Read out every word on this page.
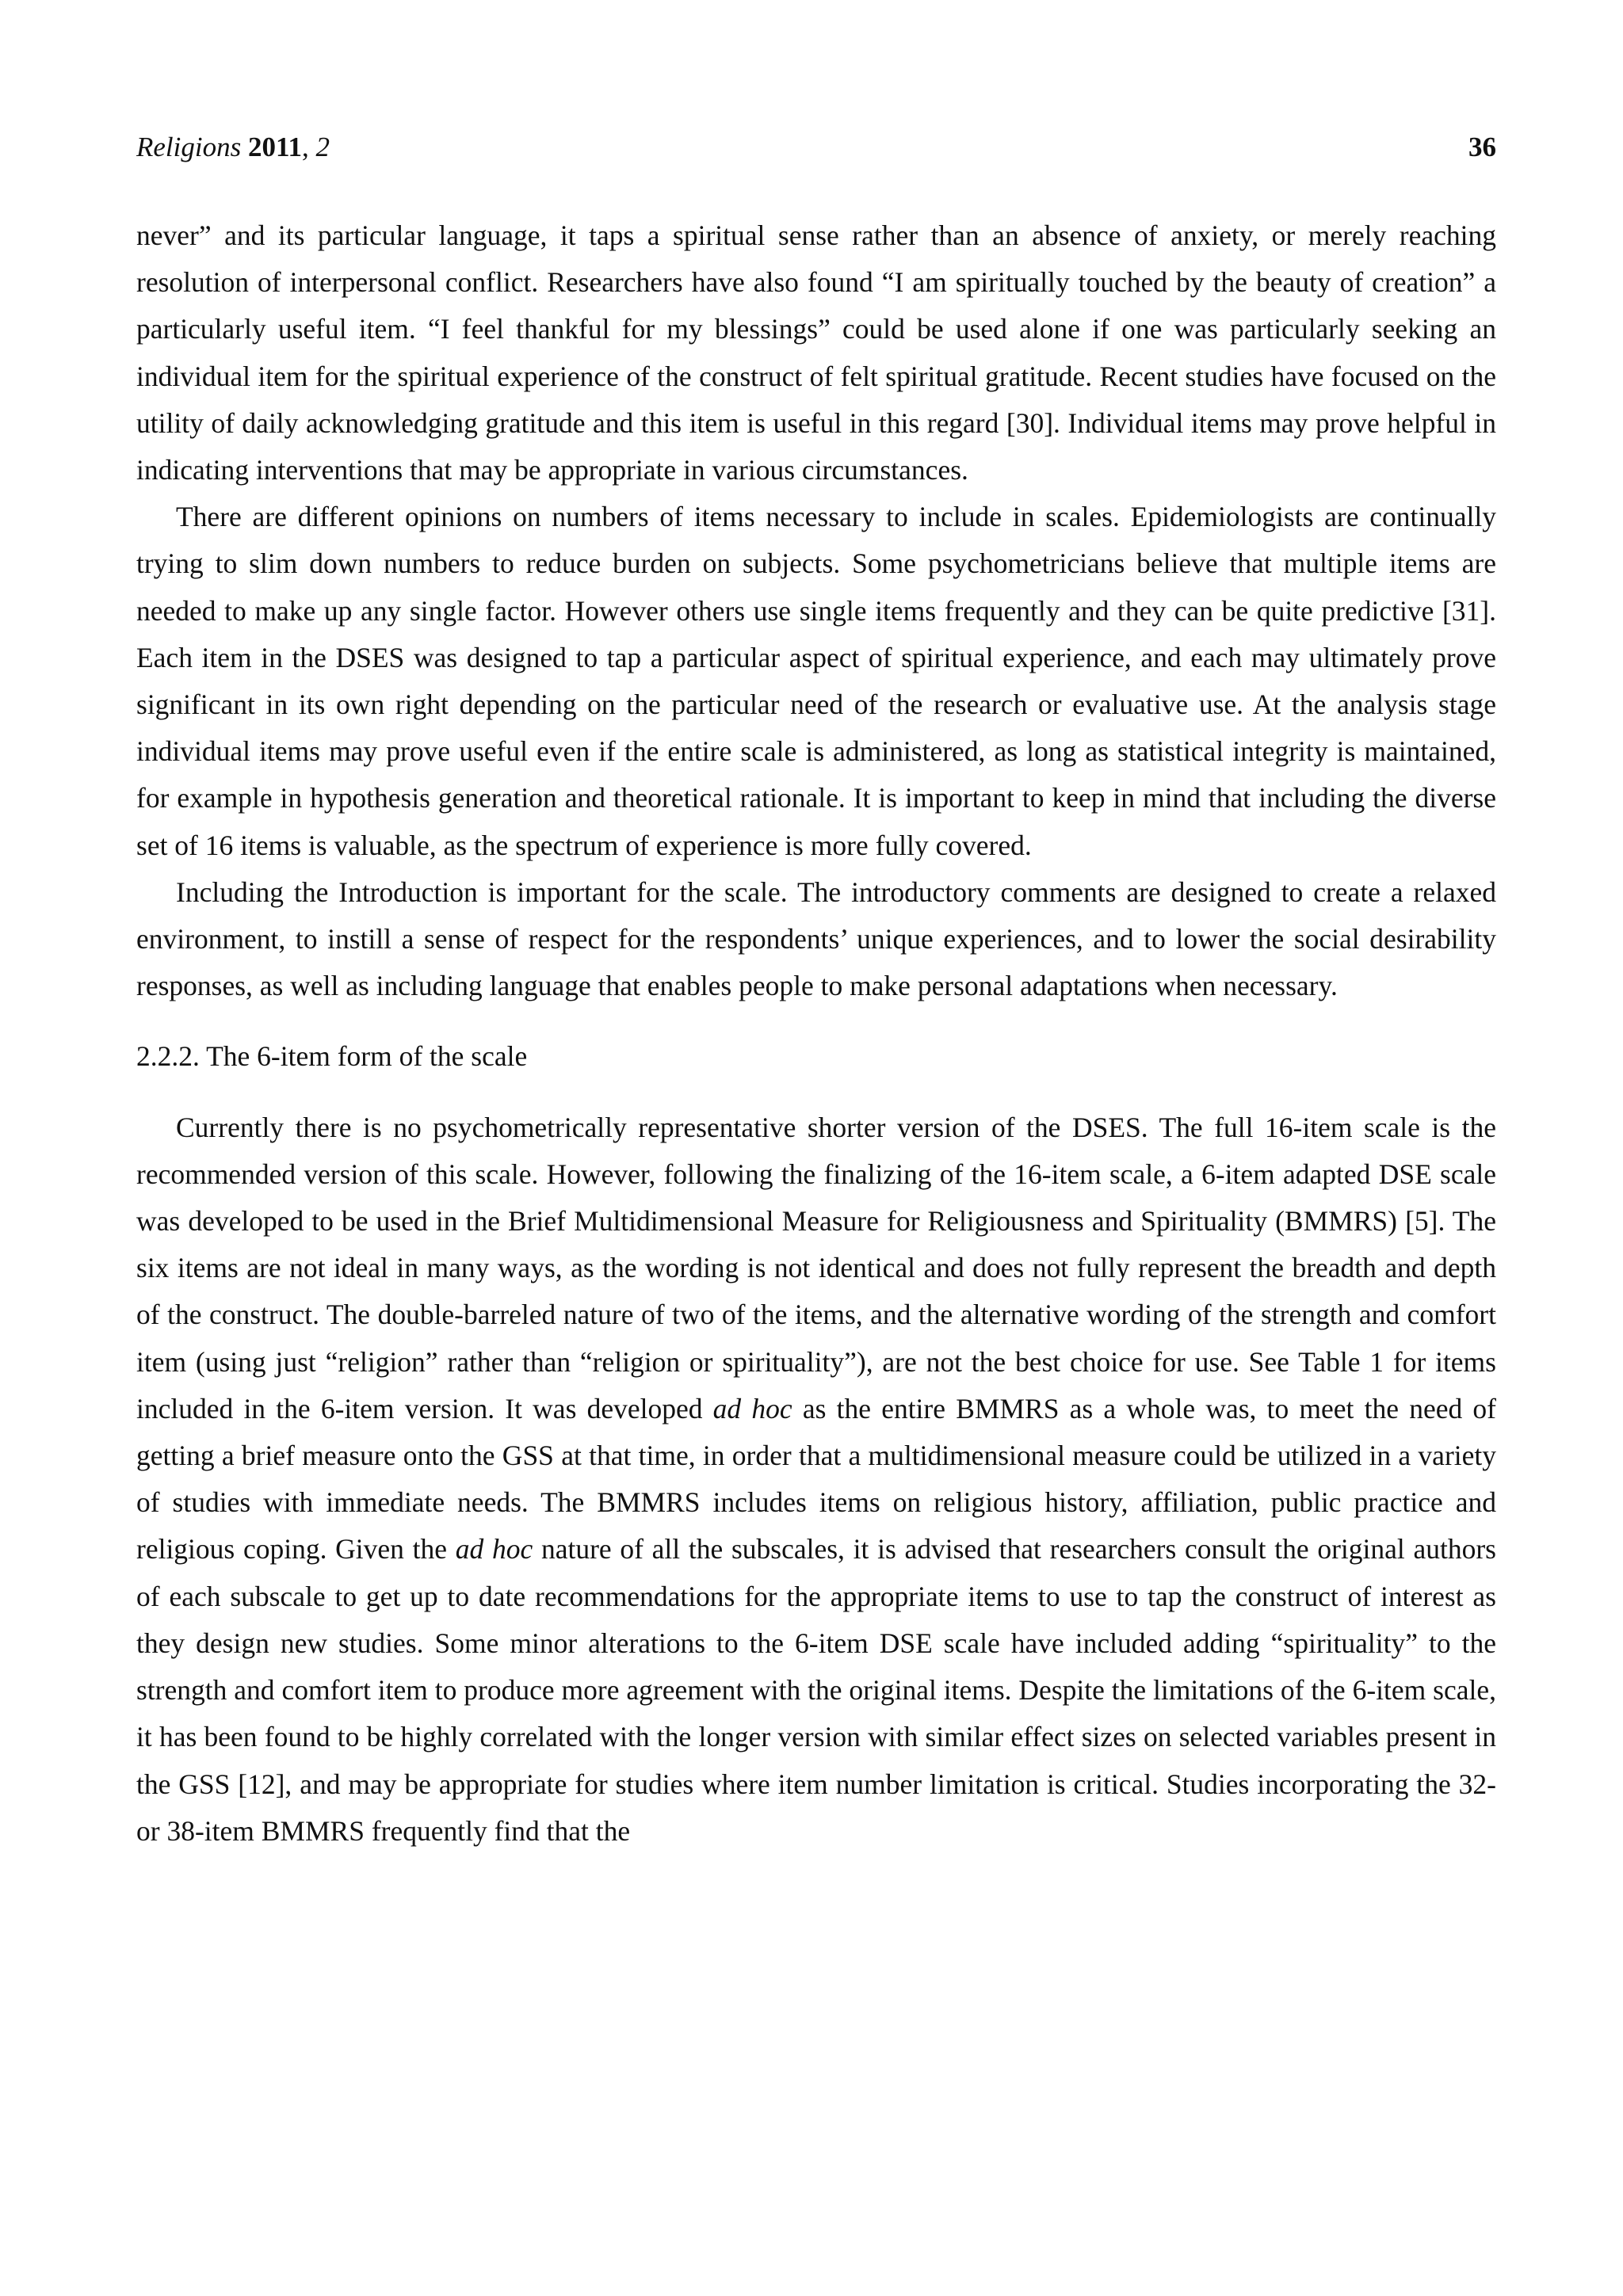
Religions 2011, 2	36

never” and its particular language, it taps a spiritual sense rather than an absence of anxiety, or merely reaching resolution of interpersonal conflict. Researchers have also found “I am spiritually touched by the beauty of creation” a particularly useful item. “I feel thankful for my blessings” could be used alone if one was particularly seeking an individual item for the spiritual experience of the construct of felt spiritual gratitude. Recent studies have focused on the utility of daily acknowledging gratitude and this item is useful in this regard [30]. Individual items may prove helpful in indicating interventions that may be appropriate in various circumstances.

There are different opinions on numbers of items necessary to include in scales. Epidemiologists are continually trying to slim down numbers to reduce burden on subjects. Some psychometricians believe that multiple items are needed to make up any single factor. However others use single items frequently and they can be quite predictive [31]. Each item in the DSES was designed to tap a particular aspect of spiritual experience, and each may ultimately prove significant in its own right depending on the particular need of the research or evaluative use. At the analysis stage individual items may prove useful even if the entire scale is administered, as long as statistical integrity is maintained, for example in hypothesis generation and theoretical rationale. It is important to keep in mind that including the diverse set of 16 items is valuable, as the spectrum of experience is more fully covered.

Including the Introduction is important for the scale. The introductory comments are designed to create a relaxed environment, to instill a sense of respect for the respondents’ unique experiences, and to lower the social desirability responses, as well as including language that enables people to make personal adaptations when necessary.

2.2.2. The 6-item form of the scale

Currently there is no psychometrically representative shorter version of the DSES. The full 16-item scale is the recommended version of this scale. However, following the finalizing of the 16-item scale, a 6-item adapted DSE scale was developed to be used in the Brief Multidimensional Measure for Religiousness and Spirituality (BMMRS) [5]. The six items are not ideal in many ways, as the wording is not identical and does not fully represent the breadth and depth of the construct. The double-barreled nature of two of the items, and the alternative wording of the strength and comfort item (using just “religion” rather than “religion or spirituality”), are not the best choice for use. See Table 1 for items included in the 6-item version. It was developed ad hoc as the entire BMMRS as a whole was, to meet the need of getting a brief measure onto the GSS at that time, in order that a multidimensional measure could be utilized in a variety of studies with immediate needs. The BMMRS includes items on religious history, affiliation, public practice and religious coping. Given the ad hoc nature of all the subscales, it is advised that researchers consult the original authors of each subscale to get up to date recommendations for the appropriate items to use to tap the construct of interest as they design new studies. Some minor alterations to the 6-item DSE scale have included adding “spirituality” to the strength and comfort item to produce more agreement with the original items. Despite the limitations of the 6-item scale, it has been found to be highly correlated with the longer version with similar effect sizes on selected variables present in the GSS [12], and may be appropriate for studies where item number limitation is critical. Studies incorporating the 32- or 38-item BMMRS frequently find that the
